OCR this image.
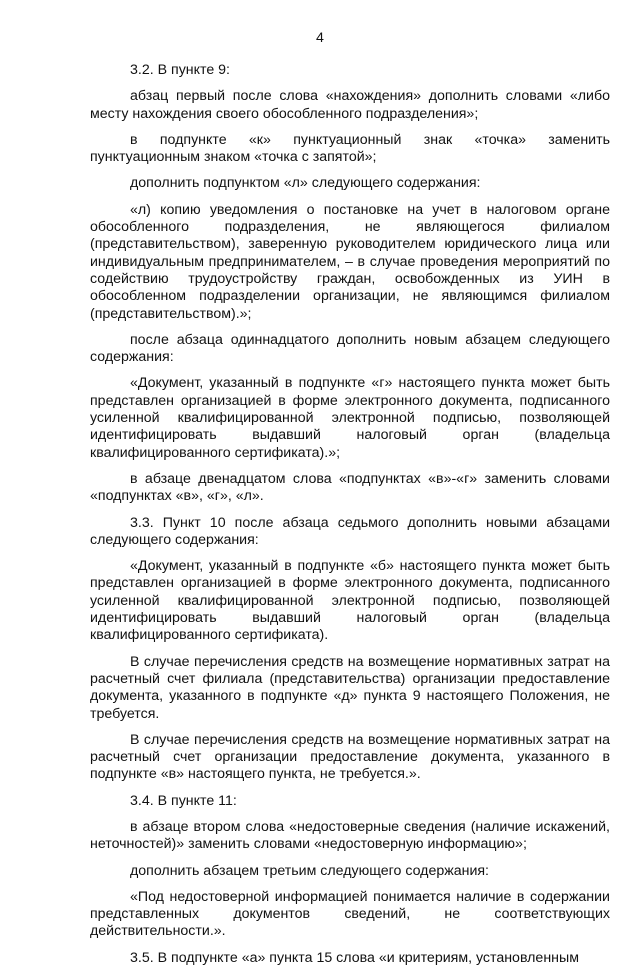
4

3.2. В пункте 9:

абзац первый после слова «нахождения» дополнить словами «либо месту нахождения своего обособленного подразделения»;

в подпункте «к» пунктуационный знак «точка» заменить пунктуационным знаком «точка с запятой»;

дополнить подпунктом «л» следующего содержания:

«л) копию уведомления о постановке на учет в налоговом органе обособленного подразделения, не являющегося филиалом (представительством), заверенную руководителем юридического лица или индивидуальным предпринимателем, – в случае проведения мероприятий по содействию трудоустройству граждан, освобожденных из УИН в обособленном подразделении организации, не являющимся филиалом (представительством).»;

после абзаца одиннадцатого дополнить новым абзацем следующего содержания:

«Документ, указанный в подпункте «г» настоящего пункта может быть представлен организацией в форме электронного документа, подписанного усиленной квалифицированной электронной подписью, позволяющей идентифицировать выдавший налоговый орган (владельца квалифицированного сертификата).»;

в абзаце двенадцатом слова «подпунктах «в»-«г» заменить словами «подпунктах «в», «г», «л».

3.3. Пункт 10 после абзаца седьмого дополнить новыми абзацами следующего содержания:

«Документ, указанный в подпункте «б» настоящего пункта может быть представлен организацией в форме электронного документа, подписанного усиленной квалифицированной электронной подписью, позволяющей идентифицировать выдавший налоговый орган (владельца квалифицированного сертификата).

В случае перечисления средств на возмещение нормативных затрат на расчетный счет филиала (представительства) организации предоставление документа, указанного в подпункте «д» пункта 9 настоящего Положения, не требуется.

В случае перечисления средств на возмещение нормативных затрат на расчетный счет организации предоставление документа, указанного в подпункте «в» настоящего пункта, не требуется.».

3.4. В пункте 11:

в абзаце втором слова «недостоверные сведения (наличие искажений, неточностей)» заменить словами «недостоверную информацию»;

дополнить абзацем третьим следующего содержания:

«Под недостоверной информацией понимается наличие в содержании представленных документов сведений, не соответствующих действительности.».

3.5. В подпункте «а» пункта 15 слова «и критериям, установленным
